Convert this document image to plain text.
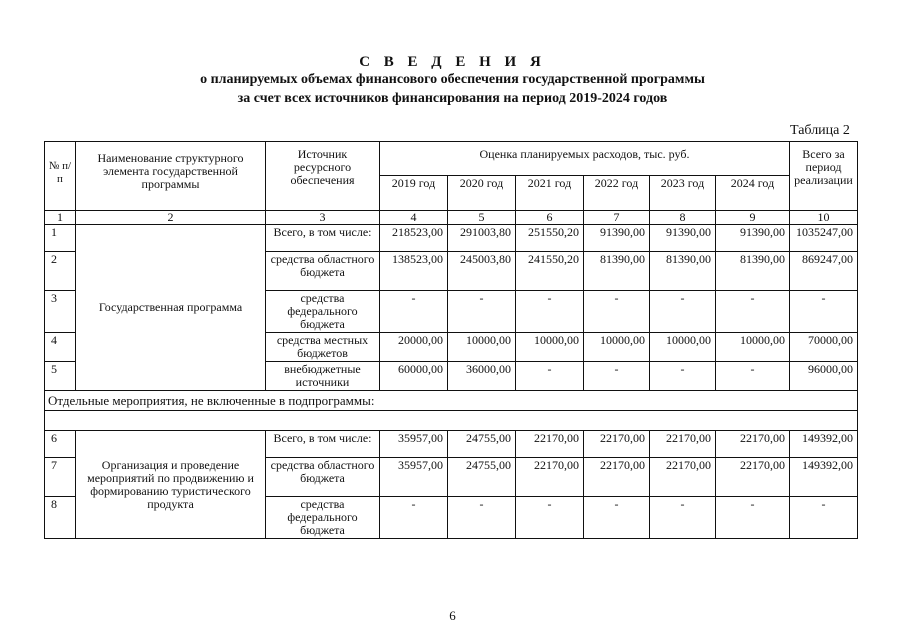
С В Е Д Е Н И Я
о планируемых объемах финансового обеспечения государственной программы
за счет всех источников финансирования на период 2019-2024 годов
Таблица 2
№ п/п	Наименование структурного элемента государственной программы	Источник ресурсного обеспечения	Оценка планируемых расходов, тыс. руб.						Всего за период реализации
			2019 год	2020 год	2021 год	2022 год	2023 год	2024 год	
1	2	3	4	5	6	7	8	9	10
1	Государственная программа	Всего, в том числе:	218523,00	291003,80	251550,20	91390,00	91390,00	91390,00	1035247,00
2		средства областного бюджета	138523,00	245003,80	241550,20	81390,00	81390,00	81390,00	869247,00
3		средства федерального бюджета	-	-	-	-	-	-	-
4		средства местных бюджетов	20000,00	10000,00	10000,00	10000,00	10000,00	10000,00	70000,00
5		внебюджетные источники	60000,00	36000,00	-	-	-	-	96000,00
Отдельные мероприятия, не включенные в подпрограммы:									

6	Организация и проведение мероприятий по продвижению и формированию туристического продукта	Всего, в том числе:	35957,00	24755,00	22170,00	22170,00	22170,00	22170,00	149392,00
7		средства областного бюджета	35957,00	24755,00	22170,00	22170,00	22170,00	22170,00	149392,00
8		средства федерального бюджета	-	-	-	-	-	-	-
6
